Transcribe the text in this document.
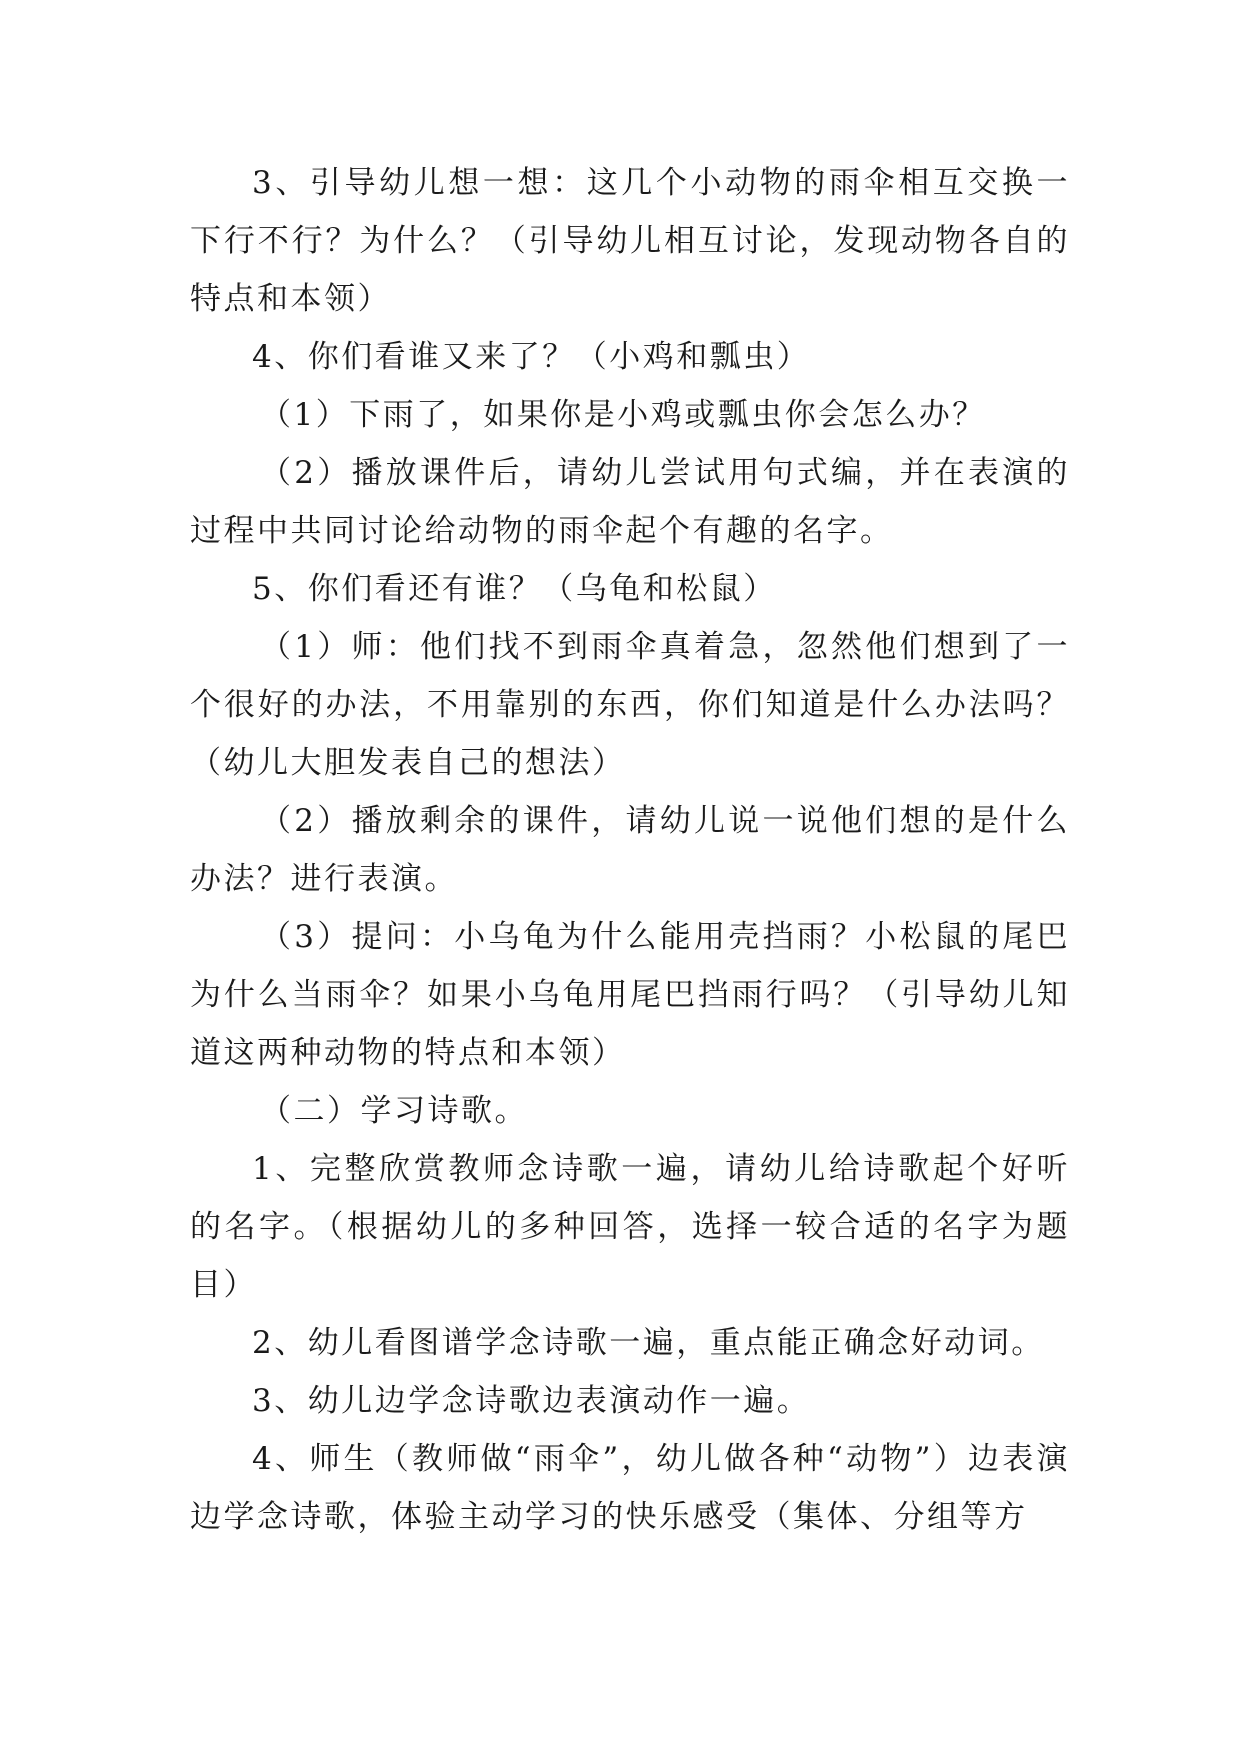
3、引导幼儿想一想：这几个小动物的雨伞相互交换一下行不行？为什么？（引导幼儿相互讨论，发现动物各自的特点和本领）

4、你们看谁又来了？（小鸡和瓢虫）

（1）下雨了，如果你是小鸡或瓢虫你会怎么办？

（2）播放课件后，请幼儿尝试用句式编，并在表演的过程中共同讨论给动物的雨伞起个有趣的名字。

5、你们看还有谁？（乌龟和松鼠）

（1）师：他们找不到雨伞真着急，忽然他们想到了一个很好的办法，不用靠别的东西，你们知道是什么办法吗？（幼儿大胆发表自己的想法）

（2）播放剩余的课件，请幼儿说一说他们想的是什么办法？进行表演。

（3）提问：小乌龟为什么能用壳挡雨？小松鼠的尾巴为什么当雨伞？如果小乌龟用尾巴挡雨行吗？（引导幼儿知道这两种动物的特点和本领）

（二）学习诗歌。

1、完整欣赏教师念诗歌一遍，请幼儿给诗歌起个好听的名字。（根据幼儿的多种回答，选择一较合适的名字为题目）

2、幼儿看图谱学念诗歌一遍，重点能正确念好动词。

3、幼儿边学念诗歌边表演动作一遍。

4、师生（教师做“雨伞”，幼儿做各种“动物”）边表演边学念诗歌，体验主动学习的快乐感受（集体、分组等方
